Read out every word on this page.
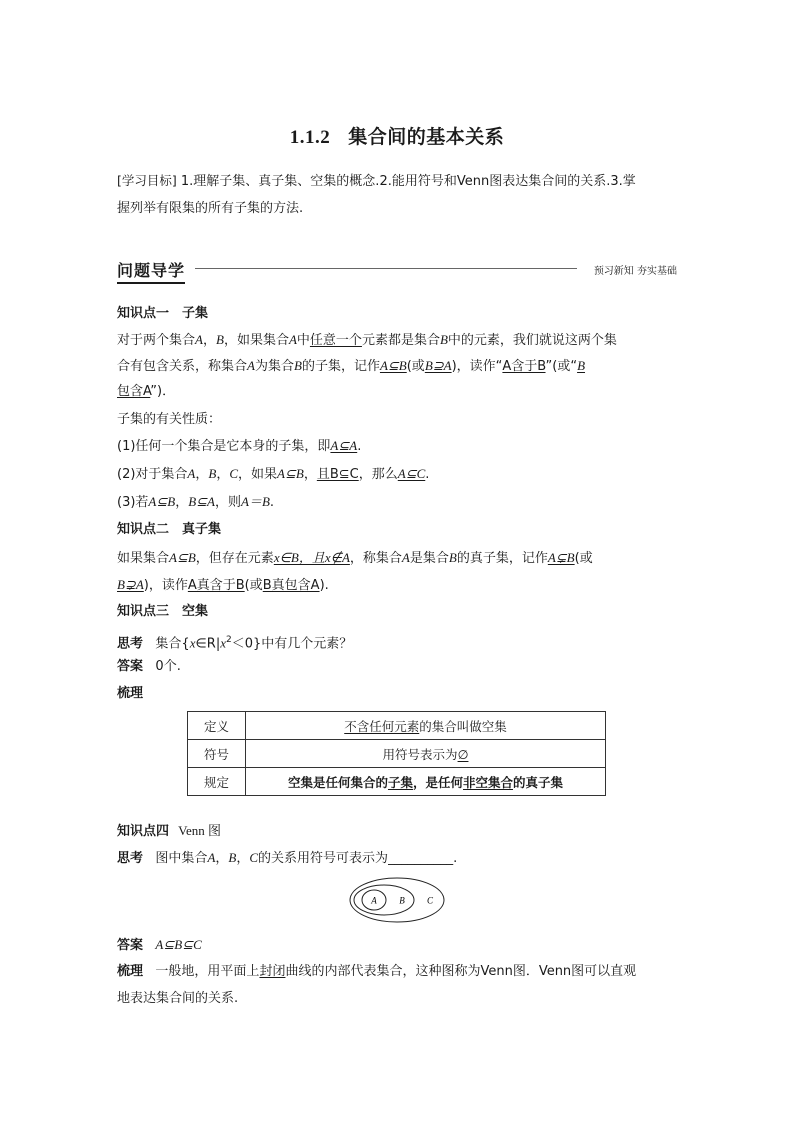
1.1.2 集合间的基本关系
[学习目标] 1.理解子集、真子集、空集的概念.2.能用符号和Venn图表达集合间的关系.3.掌
握列举有限集的所有子集的方法.
问题导学	预习新知 夯实基础
知识点一　子集
对于两个集合A，B，如果集合A中任意一个元素都是集合B中的元素，我们就说这两个集
合有包含关系，称集合A为集合B的子集，记作A⊆B(或B⊇A)，读作“A含于B”(或“B
包含A”)．
子集的有关性质：
(1)任何一个集合是它本身的子集，即A⊆A.
(2)对于集合A，B，C，如果A⊆B，且B⊆C，那么A⊆C.
(3)若A⊆B，B⊆A，则A＝B.
知识点二　真子集
如果集合A⊆B，但存在元素x∈B，且x∉A，称集合A是集合B的真子集，记作A⊊B(或
B⊋A)，读作A真含于B(或B真包含A).
知识点三　空集
思考 集合$\{x\in R|x^2<0\}$中有几个元素？
答案 0个.
梳理
定义	不含任何元素的集合叫做空集
符号	用符号表示为∅
规定	空集是任何集合的子集，是任何非空集合的真子集
知识点四 Venn 图
思考 图中集合A，B，C的关系用符号可表示为__________.
A	B C
答案 A⊆B⊆C
梳理 一般地，用平面上封闭曲线的内部代表集合，这种图称为Venn图．Venn图可以直观
地表达集合间的关系.
